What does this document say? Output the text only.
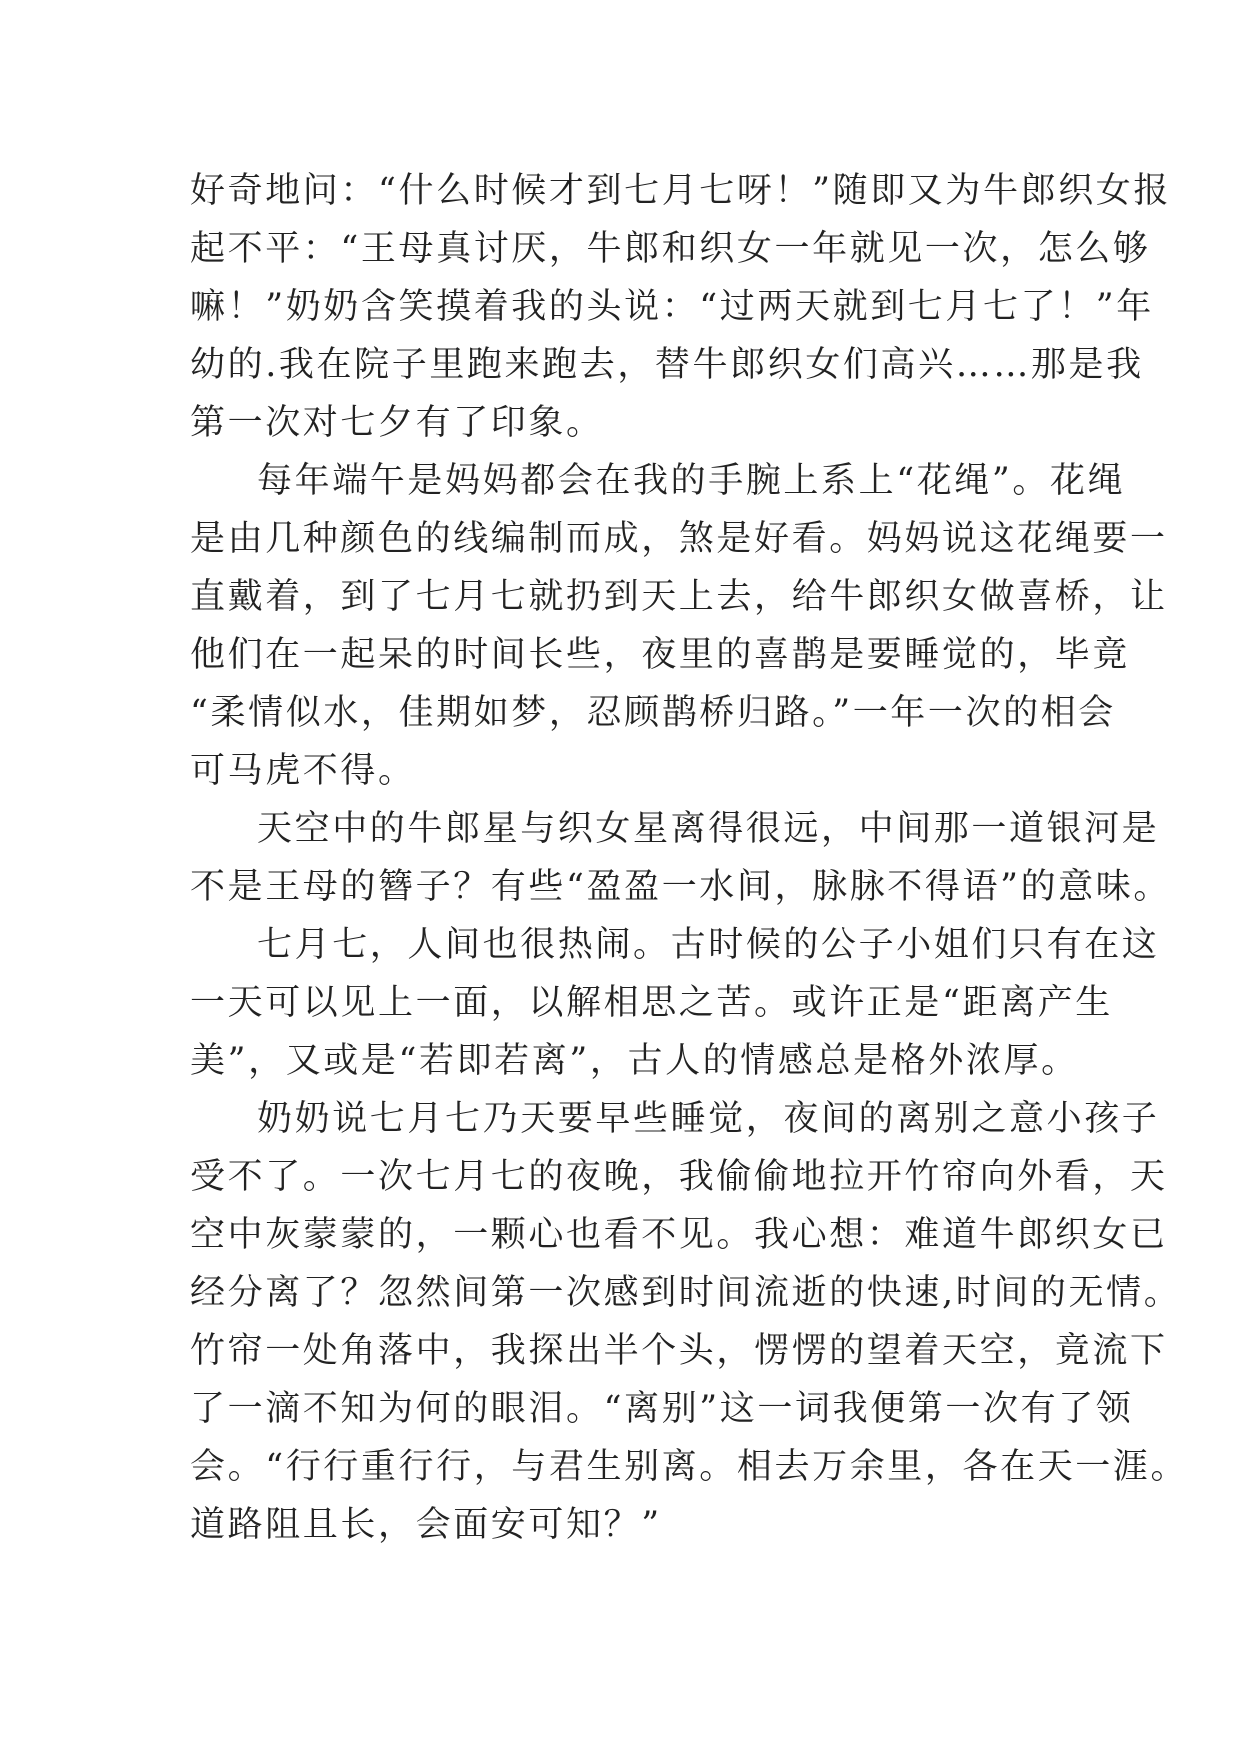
好奇地问：“什么时候才到七月七呀！”随即又为牛郎织女报
起不平：“王母真讨厌，牛郎和织女一年就见一次，怎么够
嘛！”奶奶含笑摸着我的头说：“过两天就到七月七了！”年
幼的.我在院子里跑来跑去，替牛郎织女们高兴……那是我
第一次对七夕有了印象。
每年端午是妈妈都会在我的手腕上系上“花绳”。花绳
是由几种颜色的线编制而成，煞是好看。妈妈说这花绳要一
直戴着，到了七月七就扔到天上去，给牛郎织女做喜桥，让
他们在一起呆的时间长些，夜里的喜鹊是要睡觉的，毕竟
“柔情似水，佳期如梦，忍顾鹊桥归路。”一年一次的相会
可马虎不得。
天空中的牛郎星与织女星离得很远，中间那一道银河是
不是王母的簪子？有些“盈盈一水间，脉脉不得语”的意味。
七月七，人间也很热闹。古时候的公子小姐们只有在这
一天可以见上一面，以解相思之苦。或许正是“距离产生
美”，又或是“若即若离”，古人的情感总是格外浓厚。
奶奶说七月七乃天要早些睡觉，夜间的离别之意小孩子
受不了。一次七月七的夜晚，我偷偷地拉开竹帘向外看，天
空中灰蒙蒙的，一颗心也看不见。我心想：难道牛郎织女已
经分离了？忽然间第一次感到时间流逝的快速,时间的无情。
竹帘一处角落中，我探出半个头，愣愣的望着天空，竟流下
了一滴不知为何的眼泪。“离别”这一词我便第一次有了领
会。“行行重行行，与君生别离。相去万余里，各在天一涯。
道路阻且长，会面安可知？”
